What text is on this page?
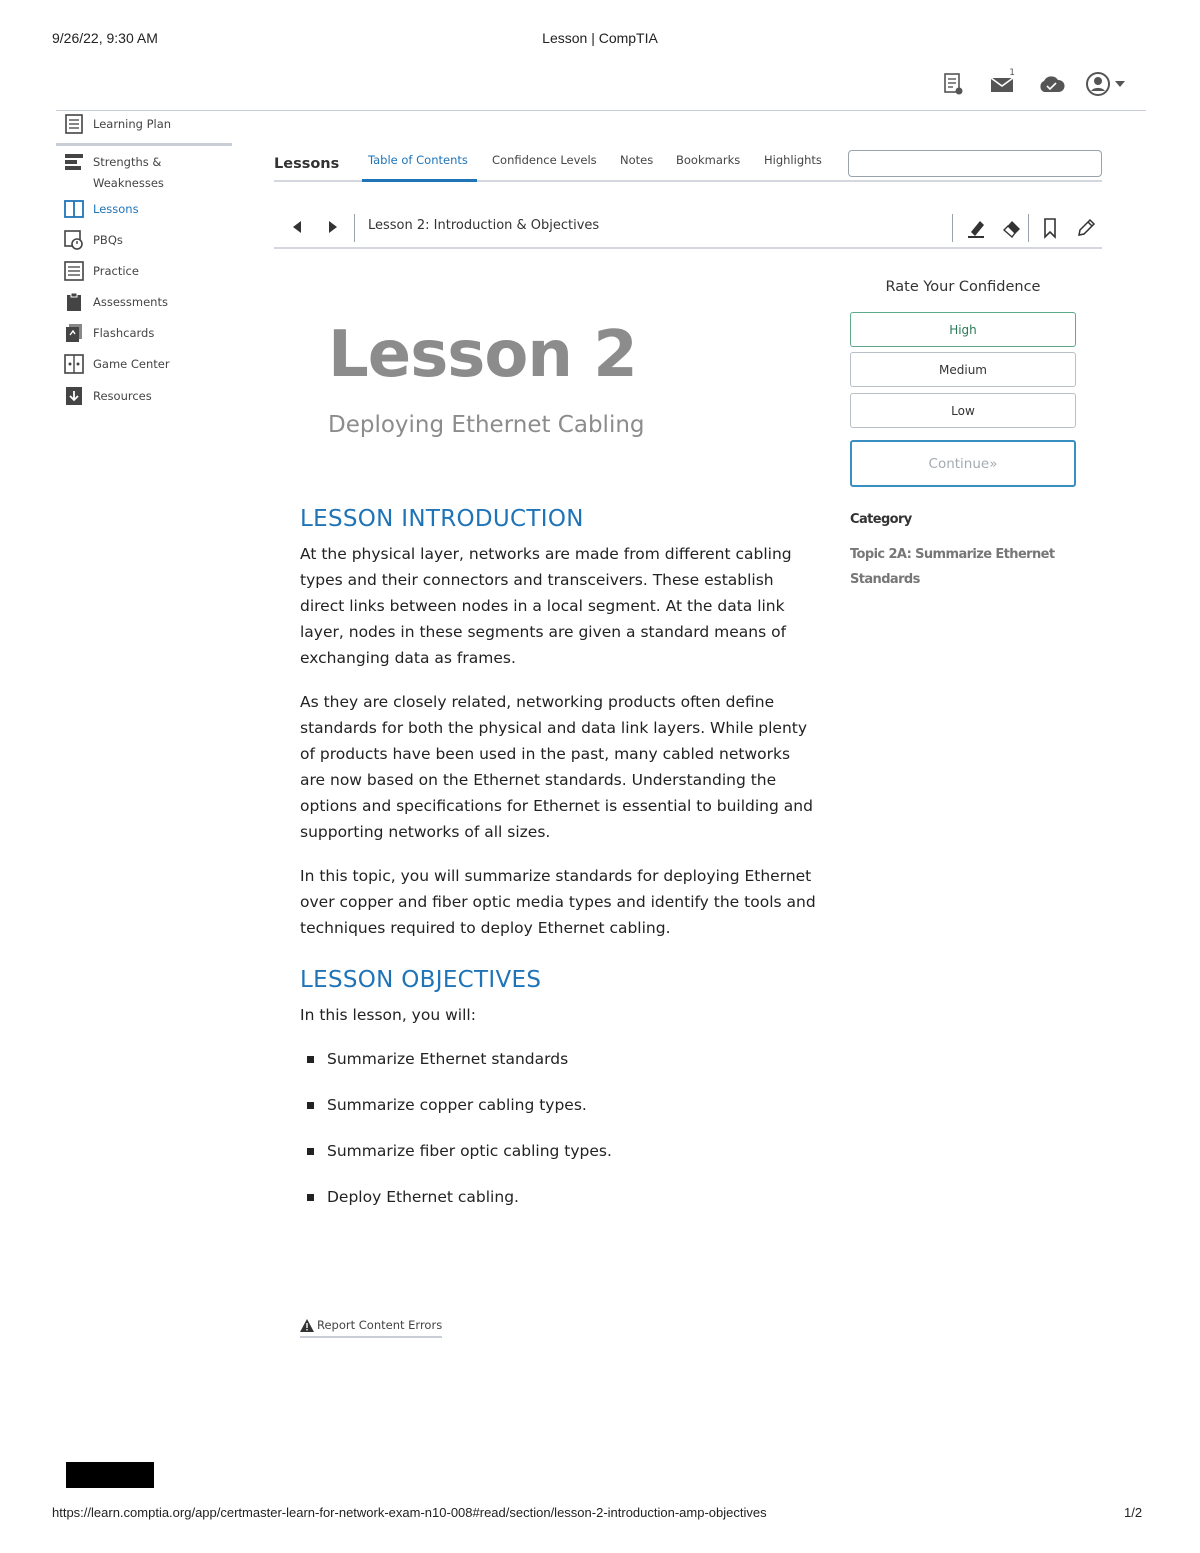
9/26/22, 9:30 AM	Lesson | CompTIA
1
Learning Plan
Strengths & Weaknesses
Lessons
PBQs
Practice
Assessments
Flashcards
Game Center
Resources
Lessons	Table of Contents	Confidence Levels Notes Bookmarks Highlights
Lesson 2: Introduction & Objectives
Lesson 2
Deploying Ethernet Cabling
LESSON INTRODUCTION

At the physical layer, networks are made from different cabling types and their connectors and transceivers. These establish direct links between nodes in a local segment. At the data link layer, nodes in these segments are given a standard means of exchanging data as frames.

As they are closely related, networking products often define standards for both the physical and data link layers. While plenty of products have been used in the past, many cabled networks are now based on the Ethernet standards. Understanding the options and specifications for Ethernet is essential to building and supporting networks of all sizes.

In this topic, you will summarize standards for deploying Ethernet over copper and fiber optic media types and identify the tools and techniques required to deploy Ethernet cabling.

LESSON OBJECTIVES

In this lesson, you will:

Summarize Ethernet standards
Summarize copper cabling types.
Summarize fiber optic cabling types.
Deploy Ethernet cabling.
Report Content Errors
Rate Your Confidence
High
Medium
Low
Continue»
Category
Topic 2A: Summarize Ethernet Standards
https://learn.comptia.org/app/certmaster-learn-for-network-exam-n10-008#read/section/lesson-2-introduction-amp-objectives	1/2
